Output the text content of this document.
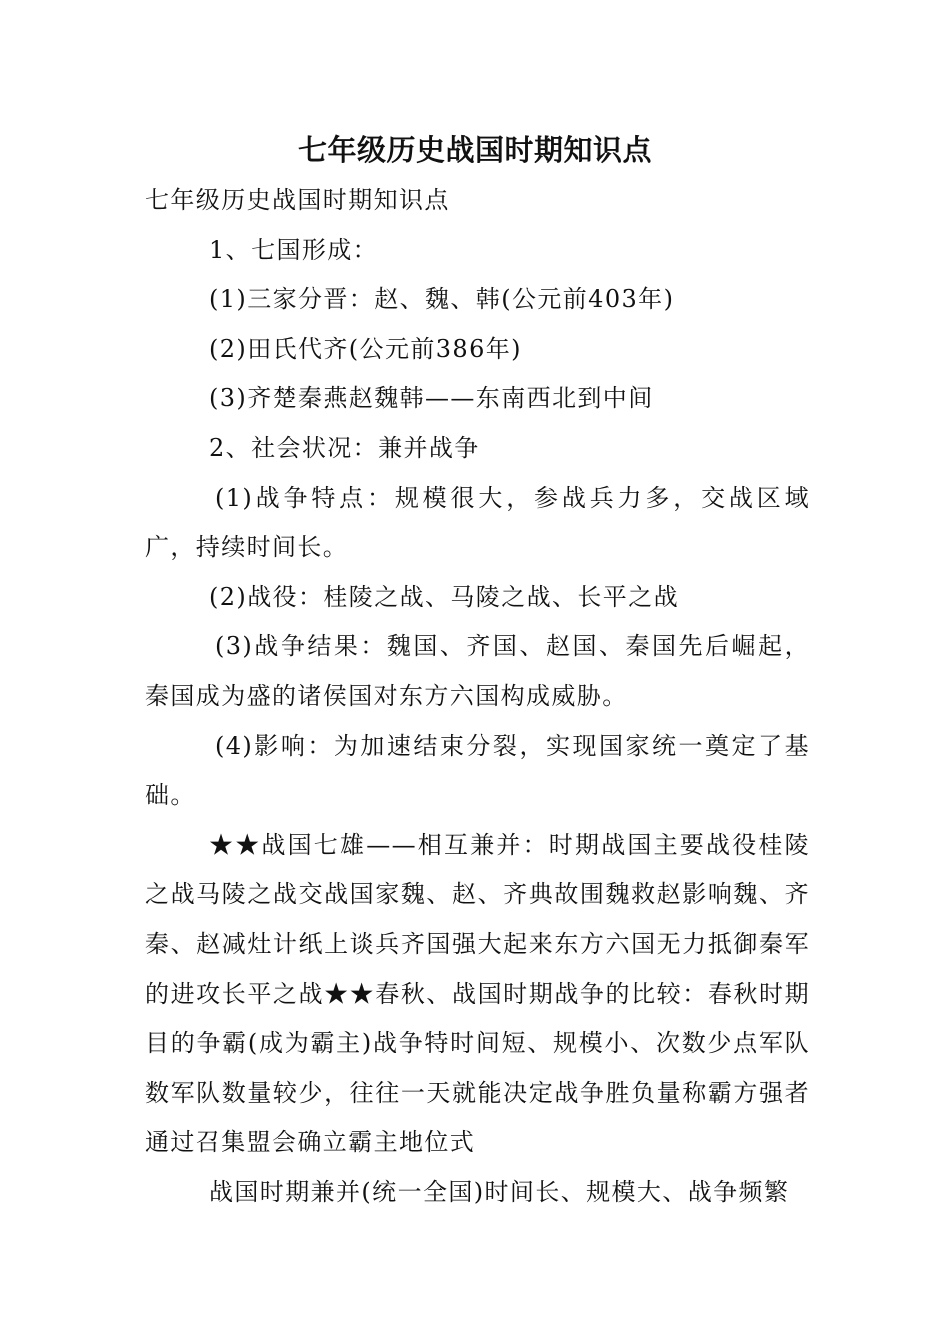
七年级历史战国时期知识点

七年级历史战国时期知识点

1、七国形成：

(1)三家分晋：赵、魏、韩(公元前403年)

(2)田氏代齐(公元前386年)

(3)齐楚秦燕赵魏韩——东南西北到中间

2、社会状况：兼并战争

(1)战争特点：规模很大，参战兵力多，交战区域广，持续时间长。

(2)战役：桂陵之战、马陵之战、长平之战

(3)战争结果：魏国、齐国、赵国、秦国先后崛起，秦国成为盛的诸侯国对东方六国构成威胁。

(4)影响：为加速结束分裂，实现国家统一奠定了基础。

★★战国七雄——相互兼并：时期战国主要战役桂陵之战马陵之战交战国家魏、赵、齐典故围魏救赵影响魏、齐秦、赵减灶计纸上谈兵齐国强大起来东方六国无力抵御秦军的进攻长平之战★★春秋、战国时期战争的比较：春秋时期目的争霸(成为霸主)战争特时间短、规模小、次数少点军队数军队数量较少，往往一天就能决定战争胜负量称霸方强者通过召集盟会确立霸主地位式

战国时期兼并(统一全国)时间长、规模大、战争频繁
